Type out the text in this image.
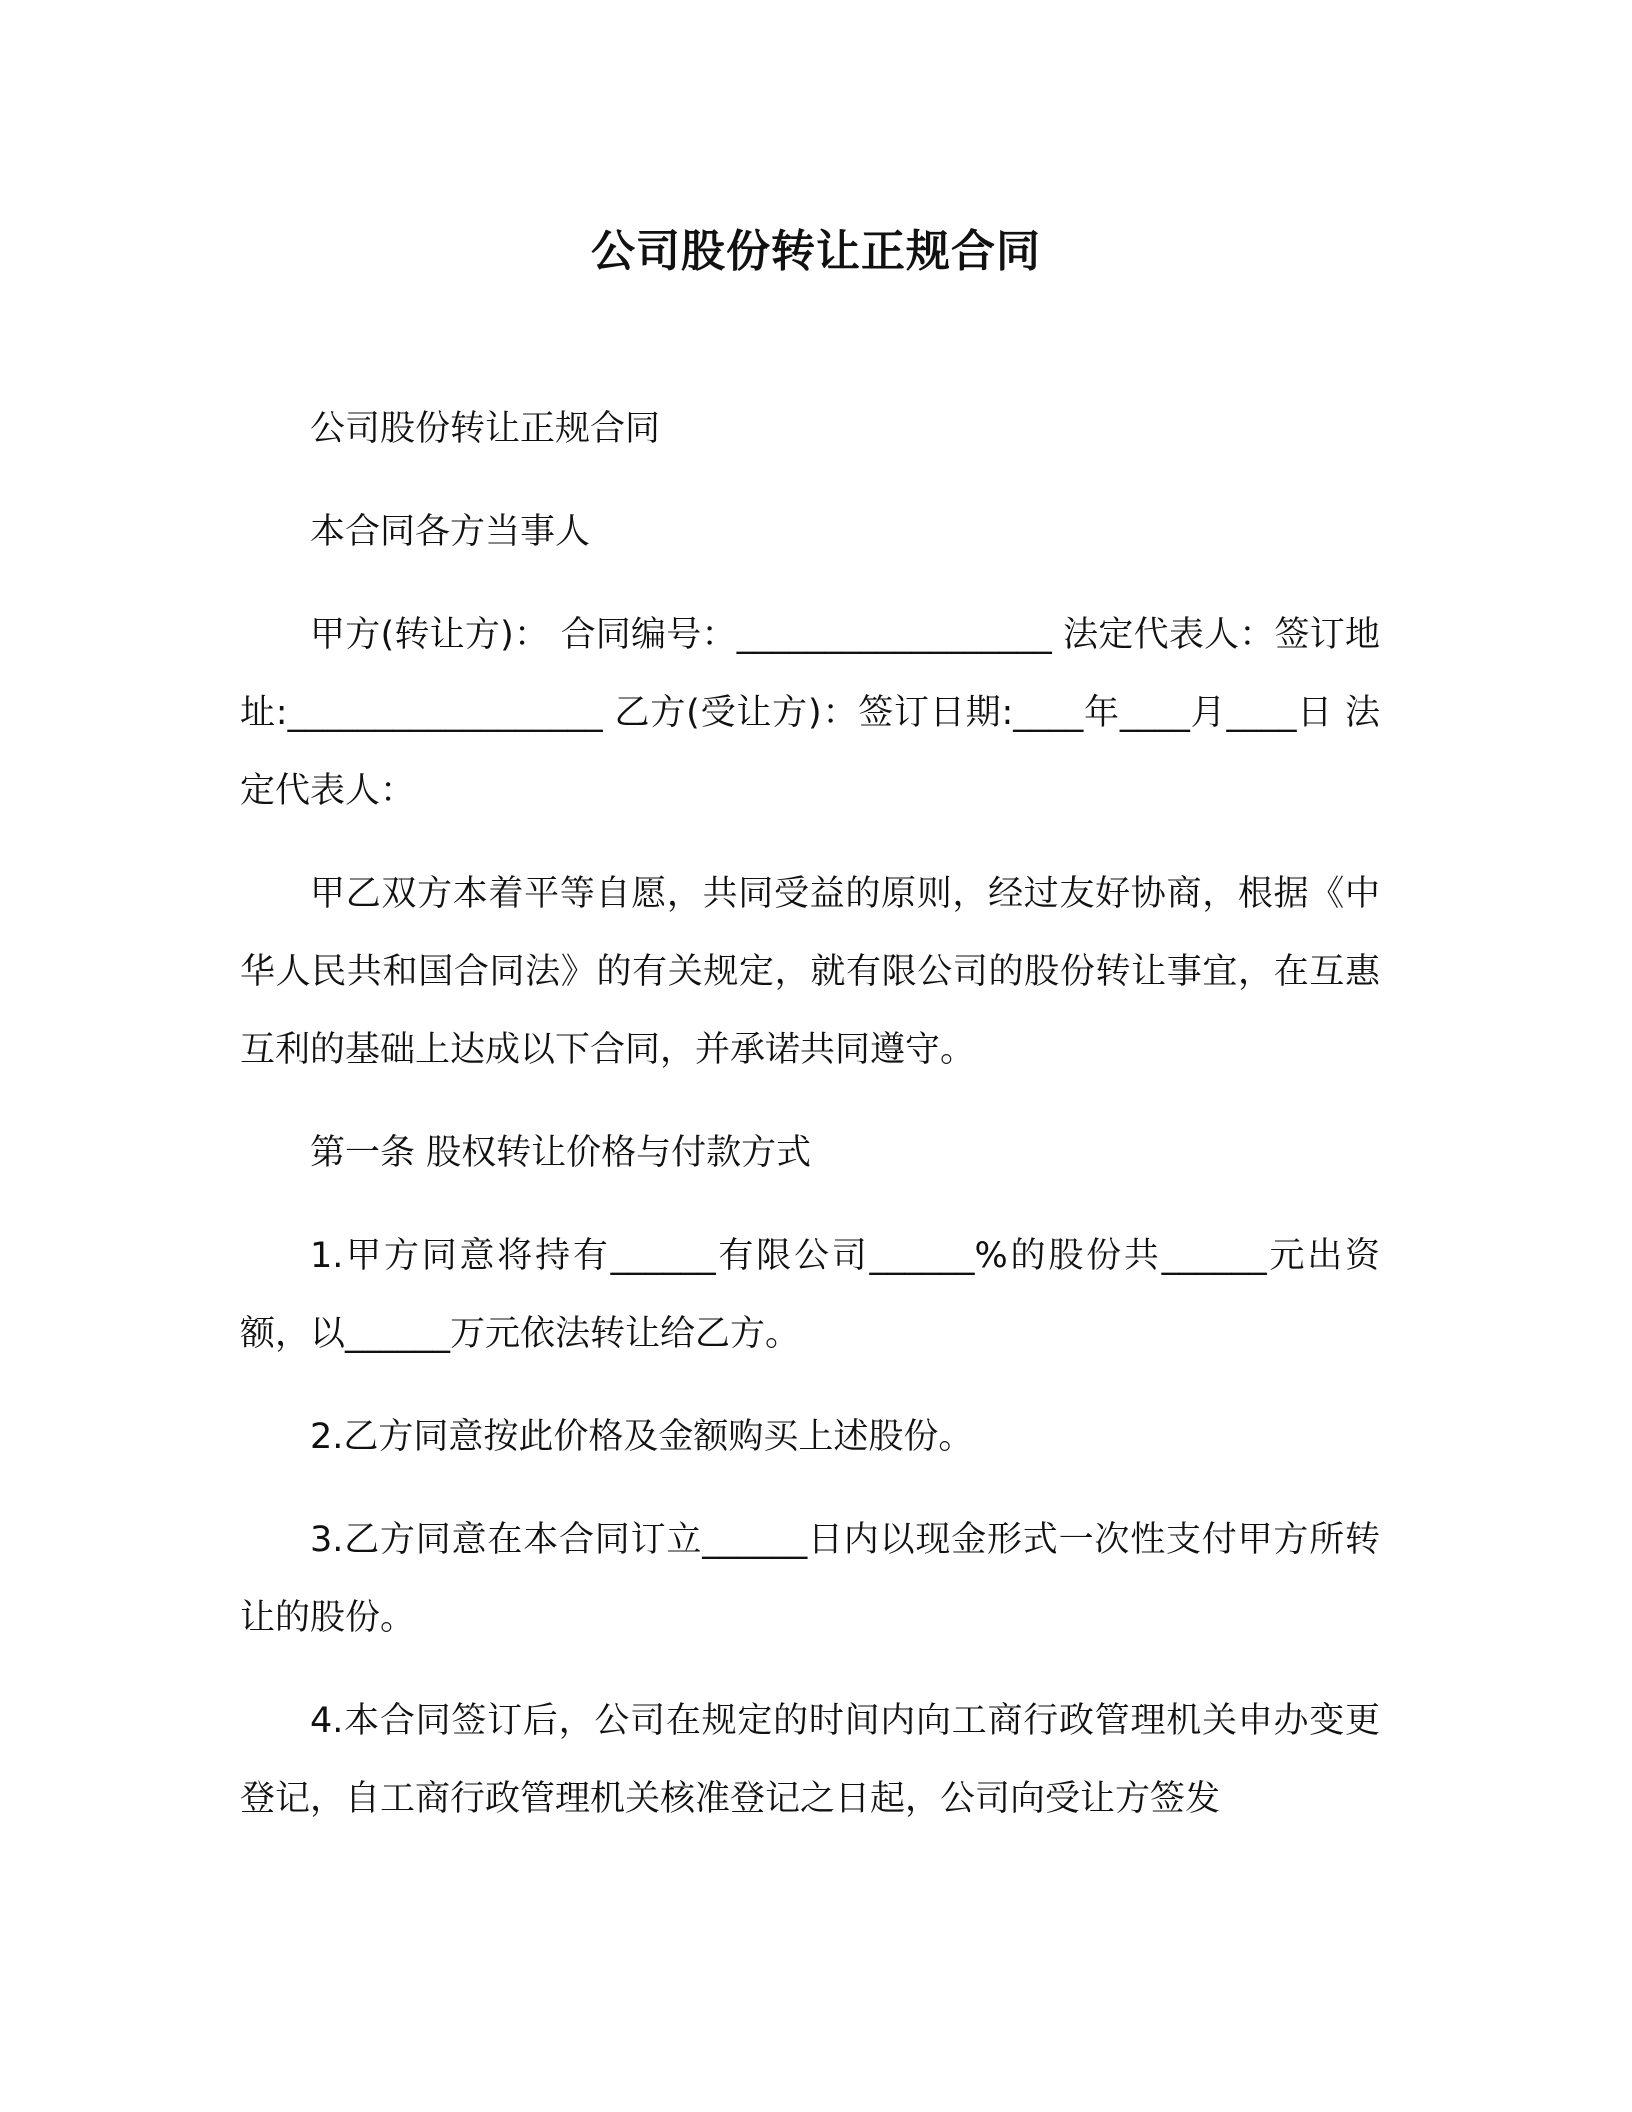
公司股份转让正规合同

公司股份转让正规合同

本合同各方当事人

甲方(转让方)： 合同编号：__________________ 法定代表人：签订地址:__________________ 乙方(受让方)：签订日期:____年____月____日 法定代表人：

甲乙双方本着平等自愿，共同受益的原则，经过友好协商，根据《中华人民共和国合同法》的有关规定，就有限公司的股份转让事宜，在互惠互利的基础上达成以下合同，并承诺共同遵守。

第一条 股权转让价格与付款方式

1.甲方同意将持有______有限公司______%的股份共______元出资额，以______万元依法转让给乙方。

2.乙方同意按此价格及金额购买上述股份。

3.乙方同意在本合同订立______日内以现金形式一次性支付甲方所转让的股份。

4.本合同签订后，公司在规定的时间内向工商行政管理机关申办变更登记，自工商行政管理机关核准登记之日起，公司向受让方签发
